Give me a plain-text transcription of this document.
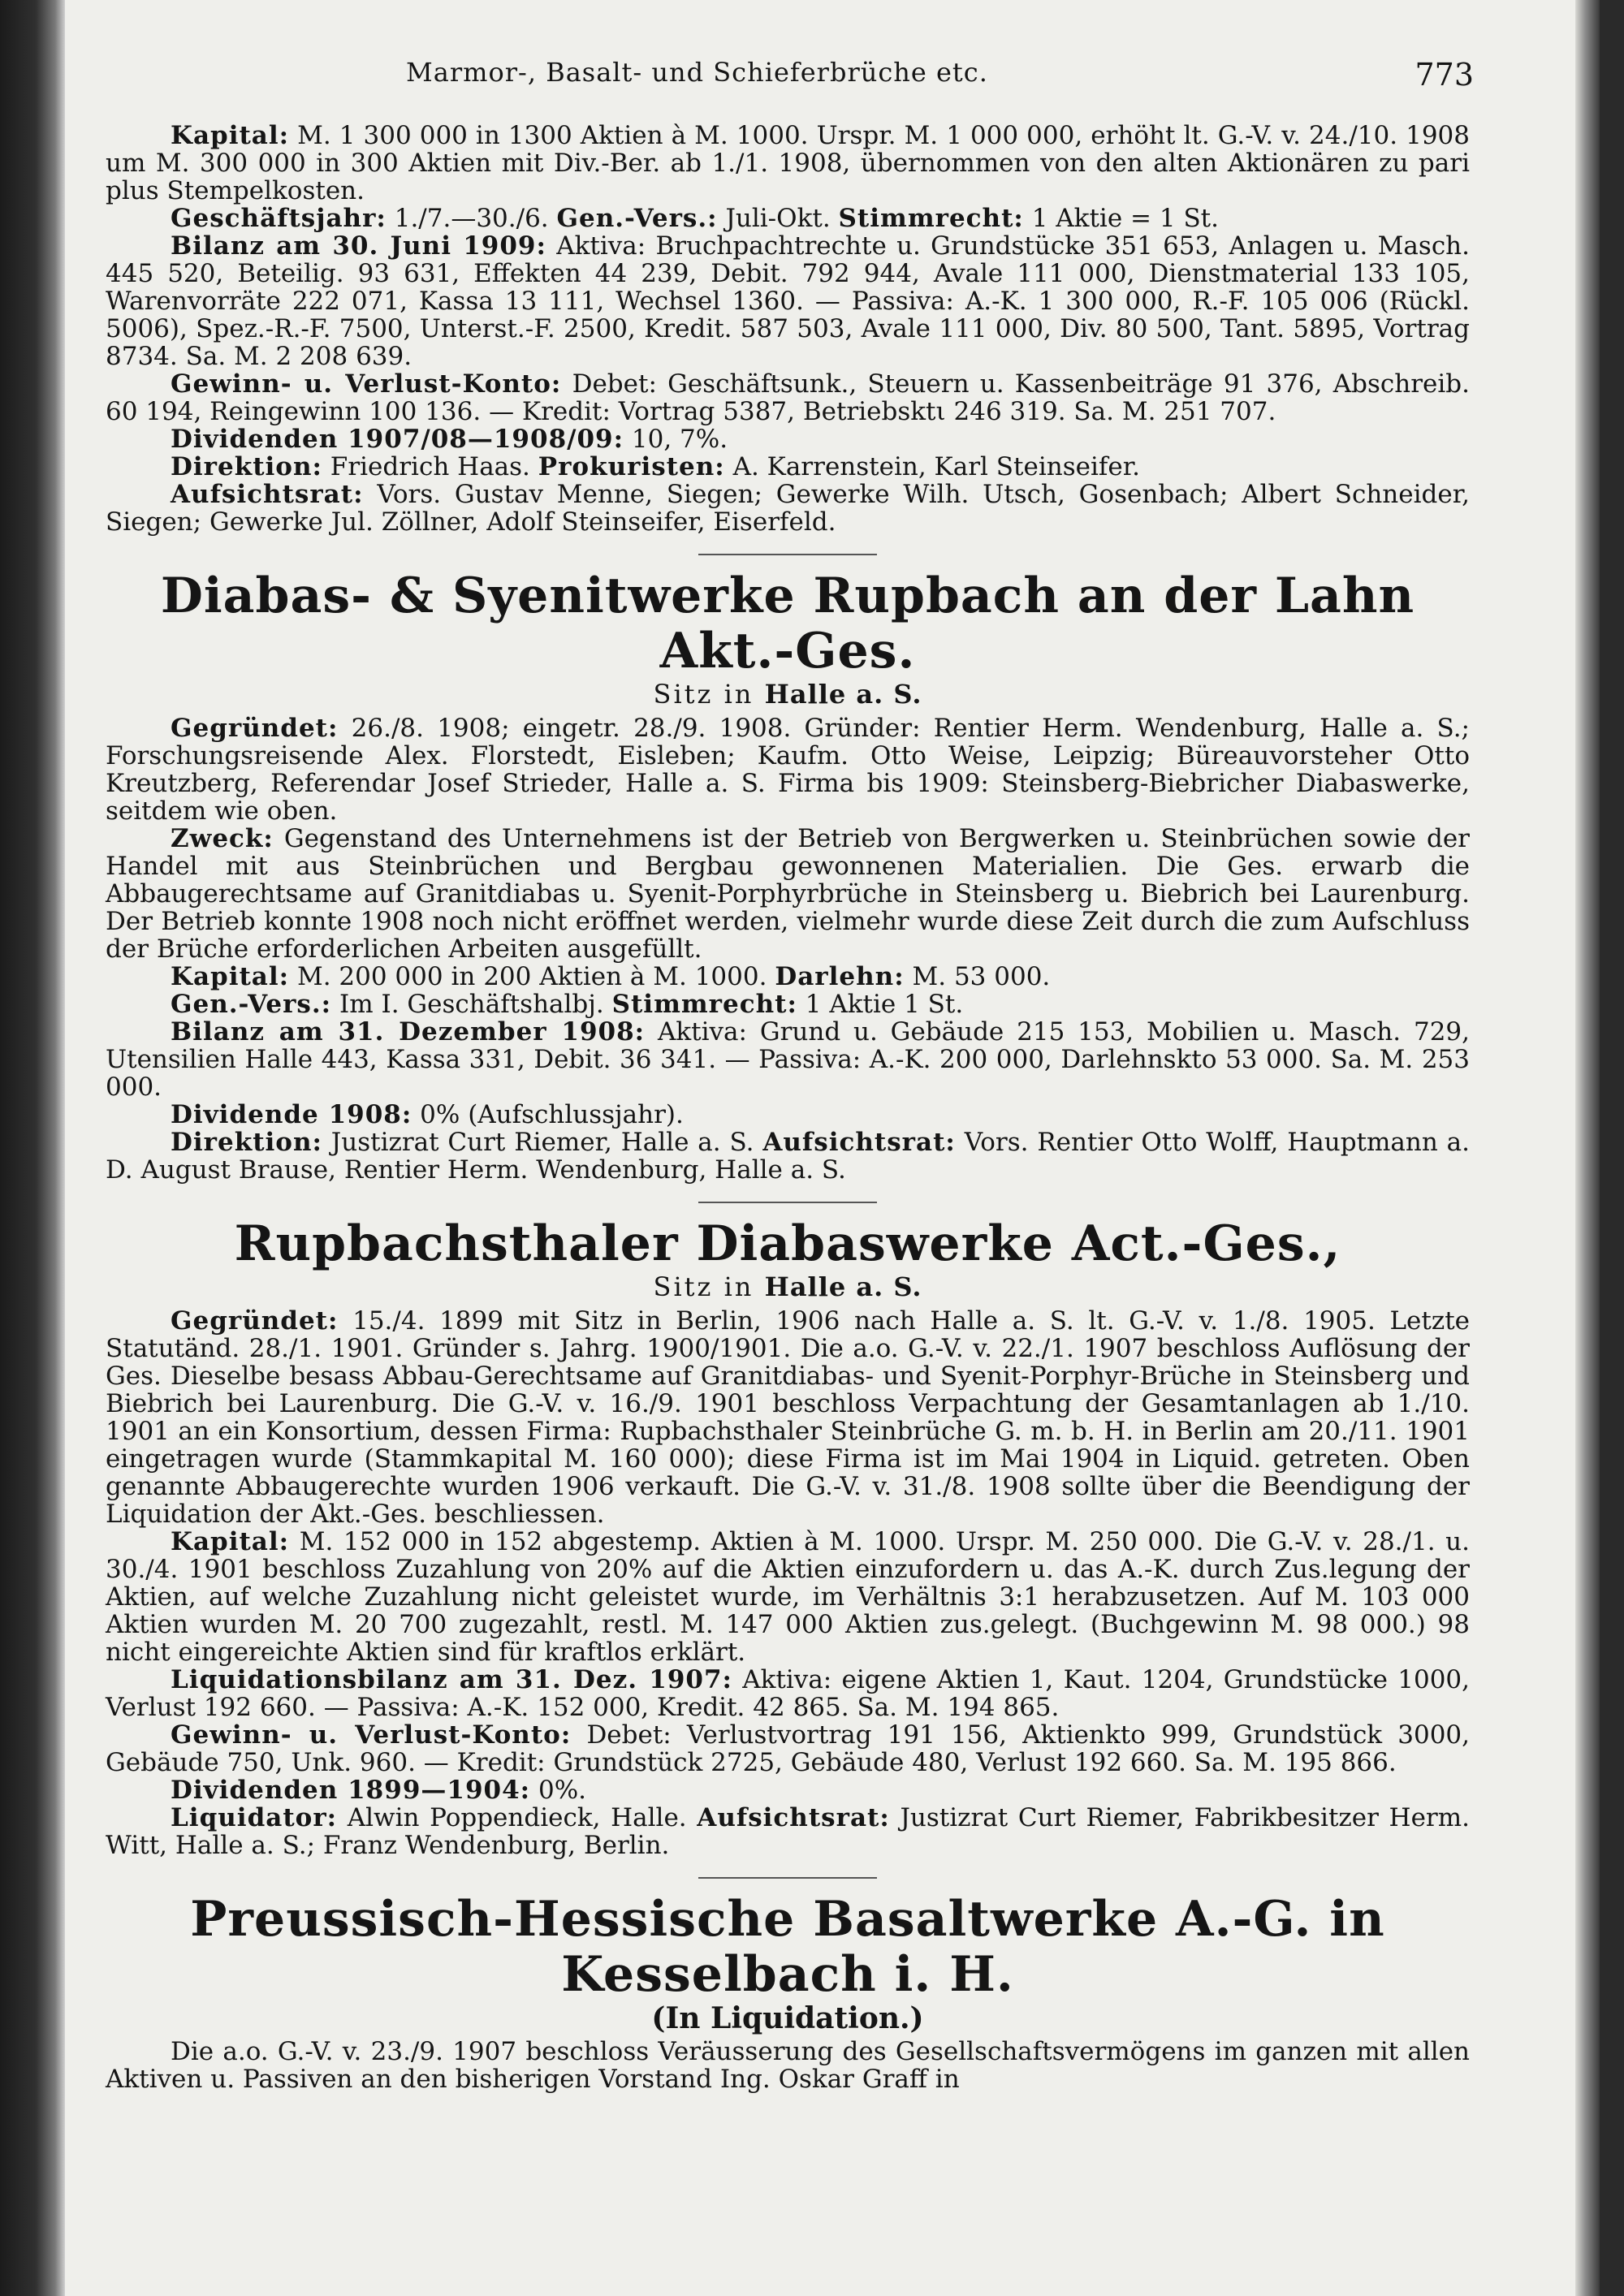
Marmor-, Basalt- und Schieferbrüche etc.	773

Kapital: M. 1 300 000 in 1300 Aktien à M. 1000. Urspr. M. 1 000 000, erhöht lt. G.-V. v. 24./10. 1908 um M. 300 000 in 300 Aktien mit Div.-Ber. ab 1./1. 1908, übernommen von den alten Aktionären zu pari plus Stempelkosten.

Geschäftsjahr: 1./7.—30./6. Gen.-Vers.: Juli-Okt. Stimmrecht: 1 Aktie = 1 St.

Bilanz am 30. Juni 1909: Aktiva: Bruchpachtrechte u. Grundstücke 351 653, Anlagen u. Masch. 445 520, Beteilig. 93 631, Effekten 44 239, Debit. 792 944, Avale 111 000, Dienstmaterial 133 105, Warenvorräte 222 071, Kassa 13 111, Wechsel 1360. — Passiva: A.-K. 1 300 000, R.-F. 105 006 (Rückl. 5006), Spez.-R.-F. 7500, Unterst.-F. 2500, Kredit. 587 503, Avale 111 000, Div. 80 500, Tant. 5895, Vortrag 8734. Sa. M. 2 208 639.

Gewinn- u. Verlust-Konto: Debet: Geschäftsunk., Steuern u. Kassenbeiträge 91 376, Abschreib. 60 194, Reingewinn 100 136. — Kredit: Vortrag 5387, Betriebsktι 246 319. Sa. M. 251 707.

Dividenden 1907/08—1908/09: 10, 7%.

Direktion: Friedrich Haas. Prokuristen: A. Karrenstein, Karl Steinseifer.

Aufsichtsrat: Vors. Gustav Menne, Siegen; Gewerke Wilh. Utsch, Gosenbach; Albert Schneider, Siegen; Gewerke Jul. Zöllner, Adolf Steinseifer, Eiserfeld.

Diabas- & Syenitwerke Rupbach an der Lahn Akt.-Ges.
Sitz in Halle a. S.

Gegründet: 26./8. 1908; eingetr. 28./9. 1908. Gründer: Rentier Herm. Wendenburg, Halle a. S.; Forschungsreisende Alex. Florstedt, Eisleben; Kaufm. Otto Weise, Leipzig; Büreauvorsteher Otto Kreutzberg, Referendar Josef Strieder, Halle a. S. Firma bis 1909: Steinsberg-Biebricher Diabaswerke, seitdem wie oben.

Zweck: Gegenstand des Unternehmens ist der Betrieb von Bergwerken u. Steinbrüchen sowie der Handel mit aus Steinbrüchen und Bergbau gewonnenen Materialien. Die Ges. erwarb die Abbaugerechtsame auf Granitdiabas u. Syenit-Porphyrbrüche in Steinsberg u. Biebrich bei Laurenburg. Der Betrieb konnte 1908 noch nicht eröffnet werden, vielmehr wurde diese Zeit durch die zum Aufschluss der Brüche erforderlichen Arbeiten ausgefüllt.

Kapital: M. 200 000 in 200 Aktien à M. 1000. Darlehn: M. 53 000.

Gen.-Vers.: Im I. Geschäftshalbj. Stimmrecht: 1 Aktie 1 St.

Bilanz am 31. Dezember 1908: Aktiva: Grund u. Gebäude 215 153, Mobilien u. Masch. 729, Utensilien Halle 443, Kassa 331, Debit. 36 341. — Passiva: A.-K. 200 000, Darlehnskto 53 000. Sa. M. 253 000.

Dividende 1908: 0% (Aufschlussjahr).

Direktion: Justizrat Curt Riemer, Halle a. S. Aufsichtsrat: Vors. Rentier Otto Wolff, Hauptmann a. D. August Brause, Rentier Herm. Wendenburg, Halle a. S.

Rupbachsthaler Diabaswerke Act.-Ges.,
Sitz in Halle a. S.

Gegründet: 15./4. 1899 mit Sitz in Berlin, 1906 nach Halle a. S. lt. G.-V. v. 1./8. 1905. Letzte Statutänd. 28./1. 1901. Gründer s. Jahrg. 1900/1901. Die a.o. G.-V. v. 22./1. 1907 beschloss Auflösung der Ges. Dieselbe besass Abbau-Gerechtsame auf Granitdiabas- und Syenit-Porphyr-Brüche in Steinsberg und Biebrich bei Laurenburg. Die G.-V. v. 16./9. 1901 beschloss Verpachtung der Gesamtanlagen ab 1./10. 1901 an ein Konsortium, dessen Firma: Rupbachsthaler Steinbrüche G. m. b. H. in Berlin am 20./11. 1901 eingetragen wurde (Stammkapital M. 160 000); diese Firma ist im Mai 1904 in Liquid. getreten. Oben genannte Abbaugerechte wurden 1906 verkauft. Die G.-V. v. 31./8. 1908 sollte über die Beendigung der Liquidation der Akt.-Ges. beschliessen.

Kapital: M. 152 000 in 152 abgestemp. Aktien à M. 1000. Urspr. M. 250 000. Die G.-V. v. 28./1. u. 30./4. 1901 beschloss Zuzahlung von 20% auf die Aktien einzufordern u. das A.-K. durch Zus.legung der Aktien, auf welche Zuzahlung nicht geleistet wurde, im Verhältnis 3:1 herabzusetzen. Auf M. 103 000 Aktien wurden M. 20 700 zugezahlt, restl. M. 147 000 Aktien zus.gelegt. (Buchgewinn M. 98 000.) 98 nicht eingereichte Aktien sind für kraftlos erklärt.

Liquidationsbilanz am 31. Dez. 1907: Aktiva: eigene Aktien 1, Kaut. 1204, Grundstücke 1000, Verlust 192 660. — Passiva: A.-K. 152 000, Kredit. 42 865. Sa. M. 194 865.

Gewinn- u. Verlust-Konto: Debet: Verlustvortrag 191 156, Aktienkto 999, Grundstück 3000, Gebäude 750, Unk. 960. — Kredit: Grundstück 2725, Gebäude 480, Verlust 192 660. Sa. M. 195 866.

Dividenden 1899—1904: 0%.

Liquidator: Alwin Poppendieck, Halle. Aufsichtsrat: Justizrat Curt Riemer, Fabrikbesitzer Herm. Witt, Halle a. S.; Franz Wendenburg, Berlin.

Preussisch-Hessische Basaltwerke A.-G. in Kesselbach i. H.
(In Liquidation.)

Die a.o. G.-V. v. 23./9. 1907 beschloss Veräusserung des Gesellschaftsvermögens im ganzen mit allen Aktiven u. Passiven an den bisherigen Vorstand Ing. Oskar Graff in
